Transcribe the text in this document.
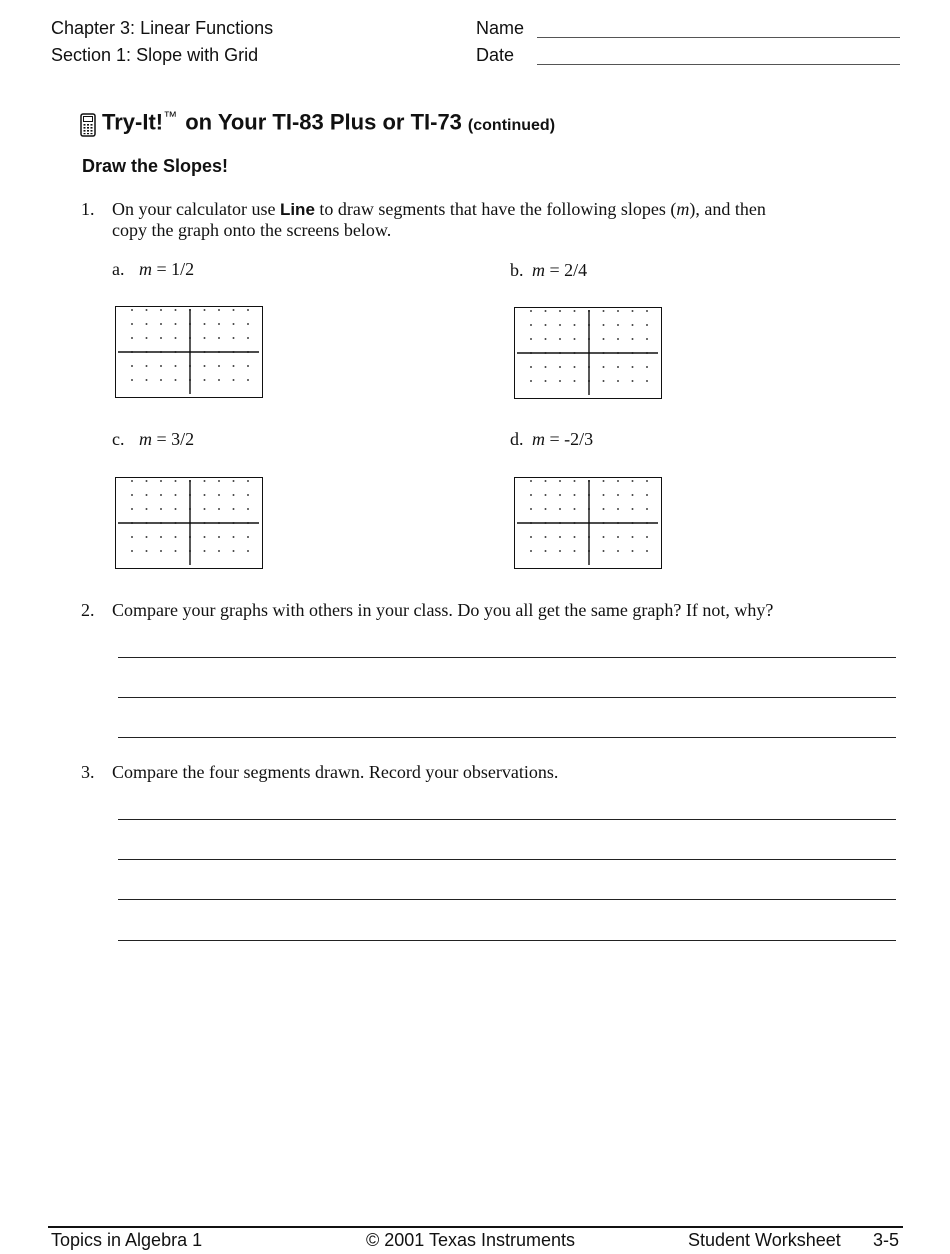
Chapter 3: Linear Functions
Section 1: Slope with Grid
Name
Date
Try-It!™ on Your TI-83 Plus or TI-73 (continued)
Draw the Slopes!
1. On your calculator use Line to draw segments that have the following slopes (m), and then
copy the graph onto the screens below.
a. m = 1/2	b. m = 2/4
c. m = 3/2	d. m = -2/3
2. Compare your graphs with others in your class. Do you all get the same graph? If not, why?
3. Compare the four segments drawn. Record your observations.
Topics in Algebra 1	© 2001 Texas Instruments	Student Worksheet 3-5
